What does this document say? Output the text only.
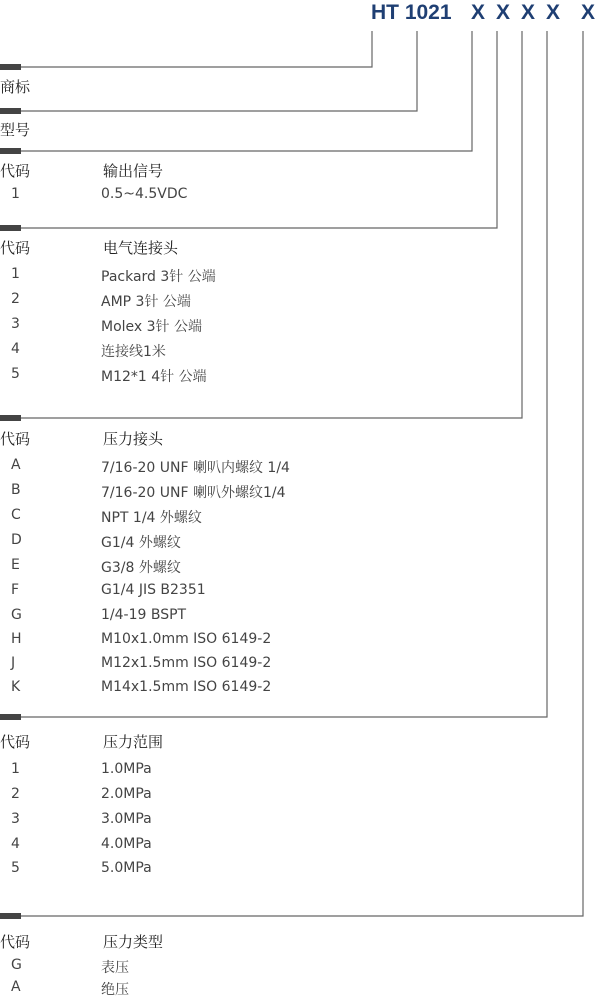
HT 1021 X X X X X
商标
型号
代码	输出信号
1	0.5~4.5VDC
代码	电气连接头
1	Packard 3针 公端
2	AMP 3针 公端
3	Molex 3针 公端
4	连接线1米
5	M12*1 4针 公端
代码	压力接头
A	7/16-20 UNF 喇叭内螺纹 1/4
B	7/16-20 UNF 喇叭外螺纹1/4
C	NPT 1/4 外螺纹
D	G1/4 外螺纹
E	G3/8 外螺纹
F	G1/4 JIS B2351
G	1/4-19 BSPT
H	M10x1.0mm ISO 6149-2
J	M12x1.5mm ISO 6149-2
K	M14x1.5mm ISO 6149-2
代码	压力范围
1	1.0MPa
2	2.0MPa
3	3.0MPa
4	4.0MPa
5	5.0MPa
代码	压力类型
G	表压
A	绝压
